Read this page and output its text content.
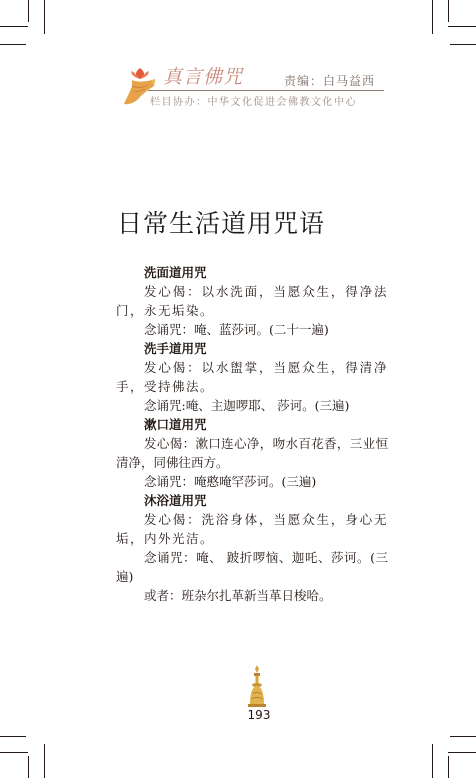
真言佛咒	责编：白马益西
栏目协办：中华文化促进会佛教文化中心
日常生活道用咒语

洗面道用咒

发心偈：以水洗面，当愿众生，得净法门，永无垢染。

念诵咒：唵、蓝莎诃。(二十一遍)

洗手道用咒

发心偈：以水盥掌，当愿众生，得清净手，受持佛法。

念诵咒:唵、主迦啰耶、 莎诃。(三遍)

漱口道用咒

发心偈：漱口连心净，吻水百花香，三业恒清净，同佛往西方。

念诵咒：唵憨唵罕莎诃。(三遍)

沐浴道用咒

发心偈：洗浴身体，当愿众生，身心无垢，内外光洁。

念诵咒：唵、 跛折啰恼、迦吒、莎诃。(三遍)

或者：班杂尔扎革新当革日梭哈。

193
